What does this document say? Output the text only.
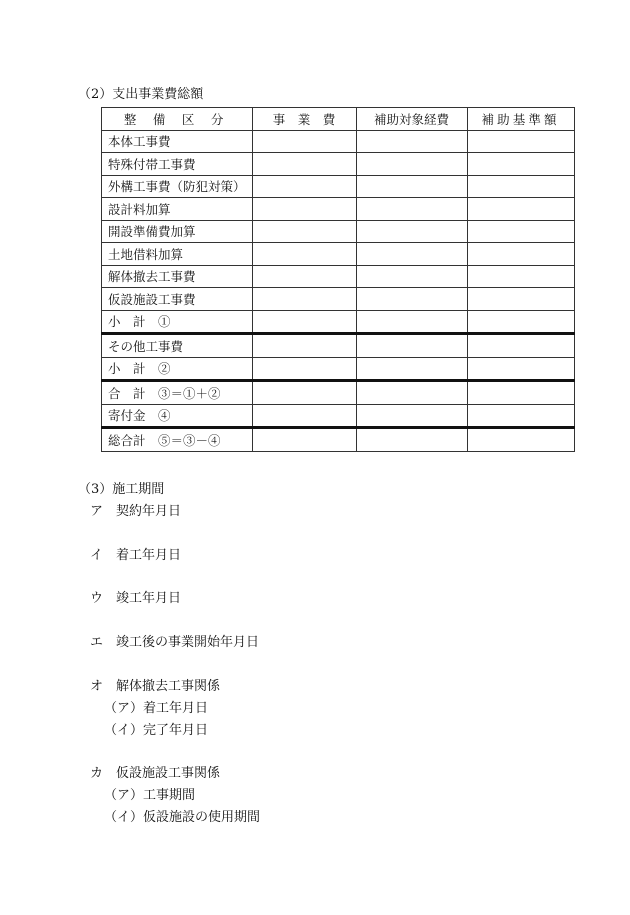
（2）支出事業費総額
整 備 区 分	事　業　費	補助対象経費	補助基準額
本体工事費			
特殊付帯工事費			
外構工事費（防犯対策）			
設計料加算			
開設準備費加算			
土地借料加算			
解体撤去工事費			
仮設施設工事費			
小　計　①			
その他工事費			
小　計　②			
合　計　③＝①＋②			
寄付金　④			
総合計　⑤＝③－④			
（3）施工期間
ア　契約年月日
イ　着工年月日
ウ　竣工年月日
エ　竣工後の事業開始年月日
オ　解体撤去工事関係
（ア）着工年月日
（イ）完了年月日
カ　仮設施設工事関係
（ア）工事期間
（イ）仮設施設の使用期間
